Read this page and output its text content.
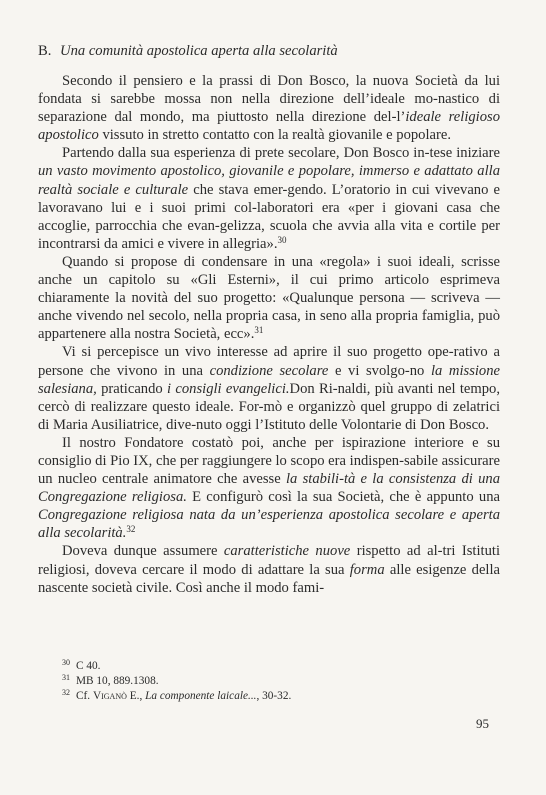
B. Una comunità apostolica aperta alla secolarità

Secondo il pensiero e la prassi di Don Bosco, la nuova Società da lui fondata si sarebbe mossa non nella direzione dell’ideale mo-nastico di separazione dal mondo, ma piuttosto nella direzione del-l’ideale religioso apostolico vissuto in stretto contatto con la realtà giovanile e popolare.

Partendo dalla sua esperienza di prete secolare, Don Bosco in-tese iniziare un vasto movimento apostolico, giovanile e popolare, immerso e adattato alla realtà sociale e culturale che stava emer-gendo. L’oratorio in cui vivevano e lavoravano lui e i suoi primi col-laboratori era «per i giovani casa che accoglie, parrocchia che evan-gelizza, scuola che avvia alla vita e cortile per incontrarsi da amici e vivere in allegria».$^{30}$

Quando si propose di condensare in una «regola» i suoi ideali, scrisse anche un capitolo su «Gli Esterni», il cui primo articolo esprimeva chiaramente la novità del suo progetto: «Qualunque persona — scriveva — anche vivendo nel secolo, nella propria casa, in seno alla propria famiglia, può appartenere alla nostra Società, ecc».$^{31}$

Vi si percepisce un vivo interesse ad aprire il suo progetto ope-rativo a persone che vivono in una condizione secolare e vi svolgo-no la missione salesiana, praticando i consigli evangelici.Don Ri-naldi, più avanti nel tempo, cercò di realizzare questo ideale. For-mò e organizzò quel gruppo di zelatrici di Maria Ausiliatrice, dive-nuto oggi l’Istituto delle Volontarie di Don Bosco.

Il nostro Fondatore costatò poi, anche per ispirazione interiore e su consiglio di Pio IX, che per raggiungere lo scopo era indispen-sabile assicurare un nucleo centrale animatore che avesse la stabili-tà e la consistenza di una Congregazione religiosa. E configurò così la sua Società, che è appunto una Congregazione religiosa nata da un’esperienza apostolica secolare e aperta alla secolarità.$^{32}$

Doveva dunque assumere caratteristiche nuove rispetto ad al-tri Istituti religiosi, doveva cercare il modo di adattare la sua forma alle esigenze della nascente società civile. Così anche il modo fami-

$^{30}$ C 40.
$^{31}$ MB 10, 889.1308.
$^{32}$ Cf. Viganò E., La componente laicale..., 30-32.
95
